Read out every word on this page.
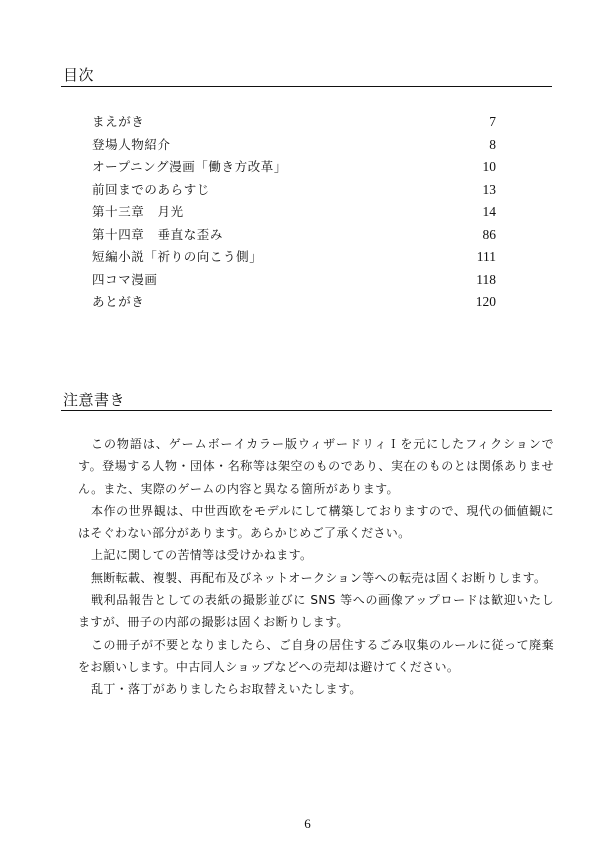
目次
まえがき	7
登場人物紹介	8
オープニング漫画「働き方改革」	10
前回までのあらすじ	13
第十三章　月光	14
第十四章　垂直な歪み	86
短編小説「祈りの向こう側」	111
四コマ漫画	118
あとがき	120
注意書き

この物語は、ゲームボーイカラー版ウィザードリィＩを元にしたフィクションです。登場する人物・団体・名称等は架空のものであり、実在のものとは関係ありません。また、実際のゲームの内容と異なる箇所があります。

本作の世界観は、中世西欧をモデルにして構築しておりますので、現代の価値観にはそぐわない部分があります。あらかじめご了承ください。

上記に関しての苦情等は受けかねます。

無断転載、複製、再配布及びネットオークション等への転売は固くお断りします。

戦利品報告としての表紙の撮影並びに SNS 等への画像アップロードは歓迎いたしますが、冊子の内部の撮影は固くお断りします。

この冊子が不要となりましたら、ご自身の居住するごみ収集のルールに従って廃棄をお願いします。中古同人ショップなどへの売却は避けてください。

乱丁・落丁がありましたらお取替えいたします。

6
